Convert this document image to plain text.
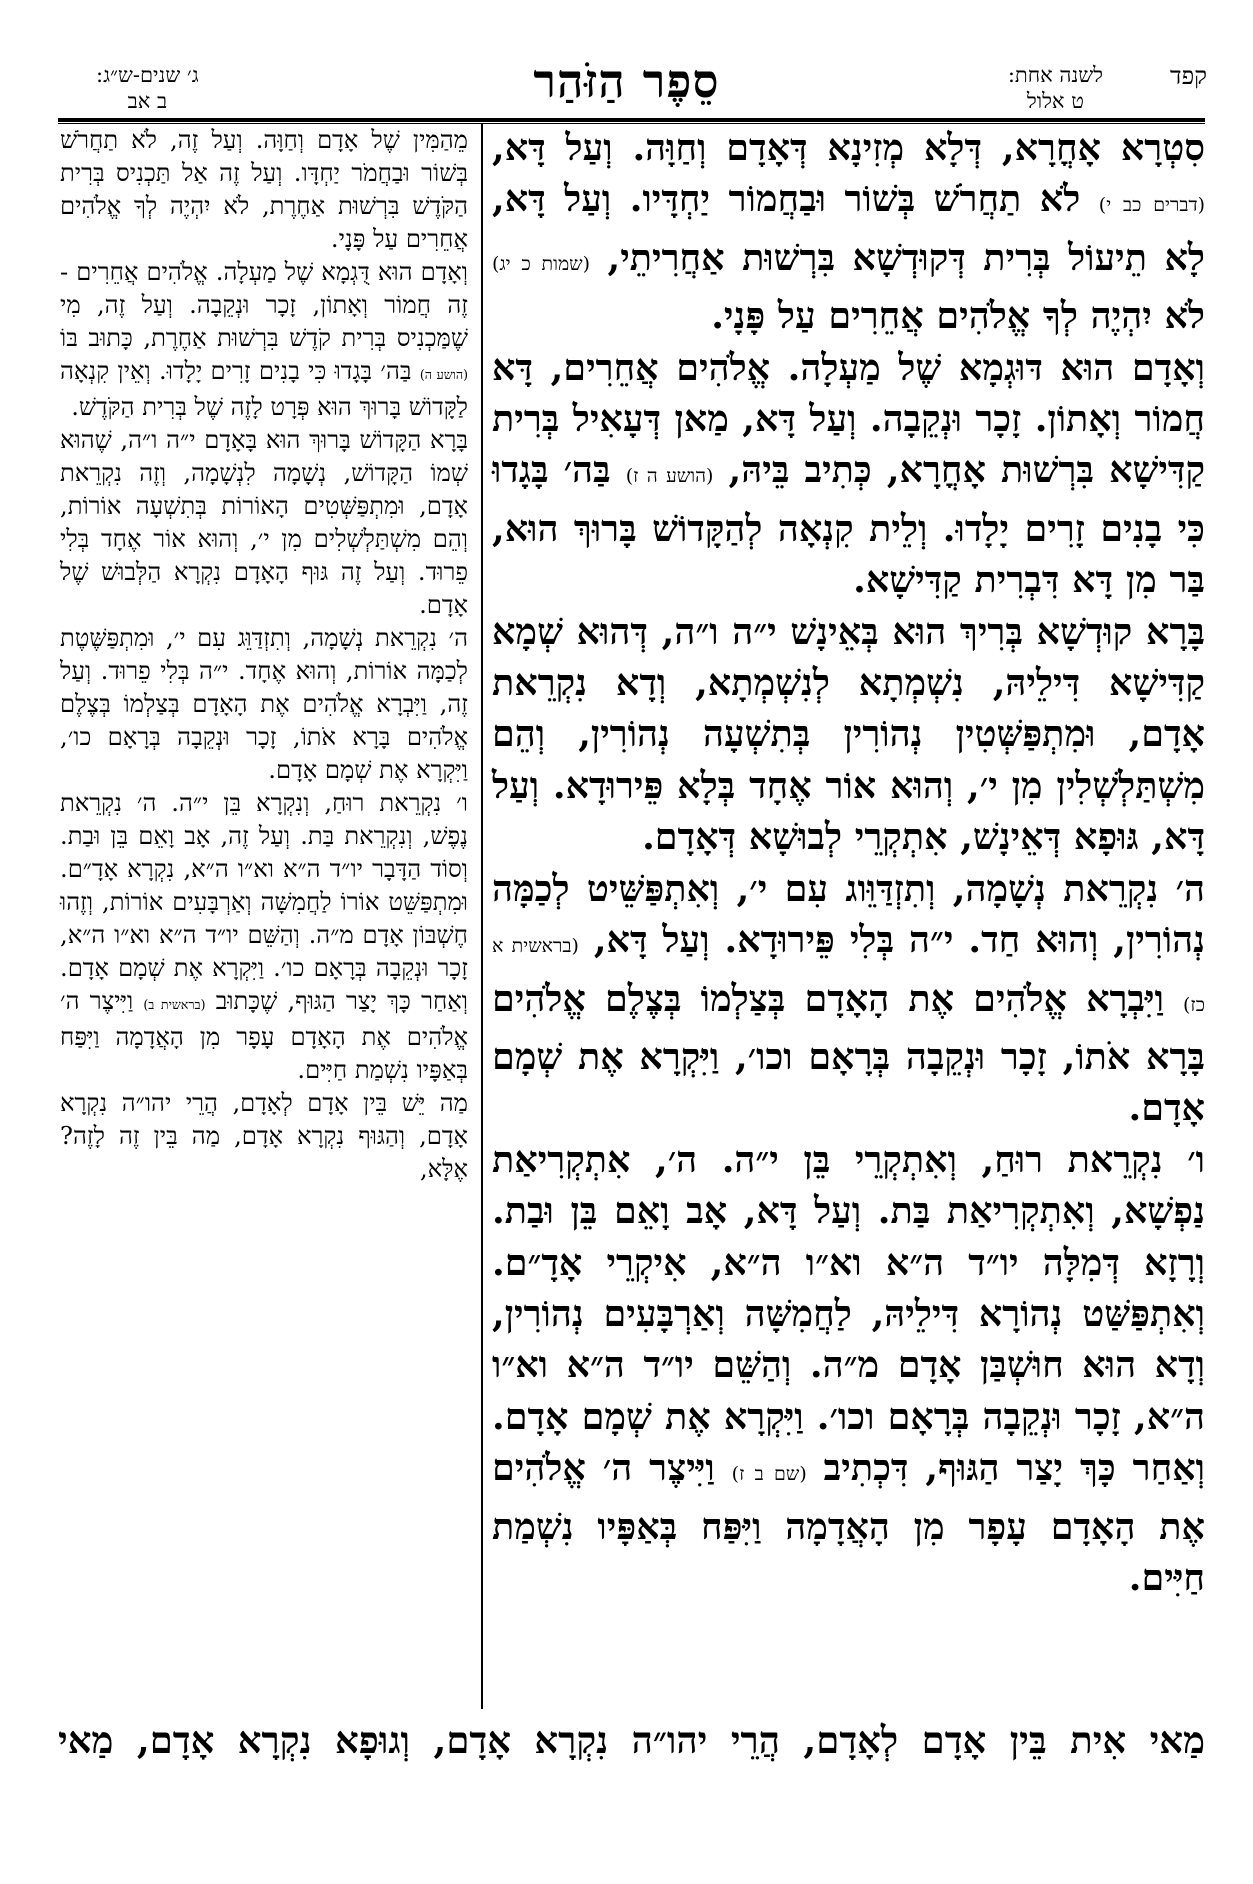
קפד
סֵפֶר הַזֹּהַר	לשנה אחת:
ט אלול
ג׳ שנים-ש״ג:
ב אב

סִטְרָא אָחֳרָא, דְּלָא מְזִינָא דְּאָדָם וְחַוָּה. וְעַל דָּא, (דברים כב י) לֹא תַחֲרֹשׁ בְּשׁוֹר וּבַחֲמוֹר יַחְדָּיו. וְעַל דָּא, לָא תֵיעוֹל בְּרִית דְּקוּדְשָׁא בִּרְשׁוּת אַחֲרִיתֵי, (שמות כ יג) לֹא יִהְיֶה לְךָ אֱלֹהִים אֲחֵרִים עַל פָּנָי.

וְאָדָם הוּא דּוּגְמָא שֶׁל מַעְלָה. אֱלֹהִים אֲחֵרִים, דָּא חֲמוֹר וְאָתוֹן. זָכָר וּנְקֵבָה. וְעַל דָּא, מַאן דְּעָאִיל בְּרִית קַדִּישָׁא בִּרְשׁוּת אָחֳרָא, כְּתִיב בֵּיהּ, (הושע ה ז) בַּה׳ בָּגָדוּ כִּי בָנִים זָרִים יָלָדוּ. וְלֵית קִנְאָה לְהַקָּדוֹשׁ בָּרוּךְ הוּא, בַּר מִן דָּא דִּבְרִית קַדִּישָׁא.

בָּרָא קוּדְשָׁא בְּרִיךְ הוּא בְּאֵינָשׁ י״ה ו״ה, דְּהוּא שְׁמָא קַדִּישָׁא דִּילֵיהּ, נִשְׁמְתָא לְנִשְׁמְתָא, וְדָא נִקְרֵאת אָדָם, וּמִתְפַּשְּׁטִין נְהוֹרִין בְּתִשְׁעָה נְהוֹרִין, וְהֵם מִשְׁתַּלְשְׁלִין מִן י׳, וְהוּא אוֹר אֶחָד בְּלָא פֵּירוּדָא. וְעַל דָּא, גּוּפָא דְּאֵינָשׁ, אִתְקְרֵי לְבוּשָׁא דְּאָדָם.

ה׳ נִקְרֵאת נְשָׁמָה, וְתִזְדַּוֵּוג עִם י׳, וְאִתְפַּשֵּׁיט לְכַמָּה נְהוֹרִין, וְהוּא חַד. י״ה בְּלִי פֵּירוּדָא. וְעַל דָּא, (בראשית א כז) וַיִּבְרָא אֱלֹהִים אֶת הָאָדָם בְּצַלְמוֹ בְּצֶלֶם אֱלֹהִים בָּרָא אֹתוֹ, זָכָר וּנְקֵבָה בְּרָאָם וכו׳, וַיִּקְרָא אֶת שְׁמָם אָדָם.

ו׳ נִקְרֵאת רוּחַ, וְאִתְקְרֵי בֵּן י״ה. ה׳, אִתְקְרִיאַת נַפְשָׁא, וְאִתְקְרִיאַת בַּת. וְעַל דָּא, אָב וָאֵם בֵּן וּבַת. וְרָזָא דְּמִלָּה יו״ד ה״א וא״ו ה״א, אִיקְרֵי אָדָ״ם. וְאִתְפַּשַּׁט נְהוֹרָא דִּילֵיהּ, לַחֲמִשָּׁה וְאַרְבָּעִים נְהוֹרִין, וְדָא הוּא חוּשְׁבַּן אָדָם מ״ה. וְהַשֵּׁם יו״ד ה״א וא״ו ה״א, זָכָר וּנְקֵבָה בְּרָאָם וכו׳. וַיִּקְרָא אֶת שְׁמָם אָדָם. וְאַחַר כָּךְ יָצַר הַגּוּף, דִּכְתִיב (שם ב ז) וַיִּיצֶר ה׳ אֱלֹהִים אֶת הָאָדָם עָפָר מִן הָאֲדָמָה וַיִּפַּח בְּאַפָּיו נִשְׁמַת חַיִּים.

מֵהַמִּין שֶׁל אָדָם וְחַוָּה. וְעַל זֶה, לֹא תַחֲרֹשׁ בְּשׁוֹר וּבַחֲמֹר יַחְדָּו. וְעַל זֶה אַל תַּכְנִיס בְּרִית הַקֹּדֶשׁ בִּרְשׁוּת אַחֶרֶת, לֹא יִהְיֶה לְךָ אֱלֹהִים אֲחֵרִים עַל פָּנָי.

וְאָדָם הוּא דֻּגְמָא שֶׁל מַעְלָה. אֱלֹהִים אֲחֵרִים - זֶה חֲמוֹר וְאָתוֹן, זָכָר וּנְקֵבָה. וְעַל זֶה, מִי שֶׁמַּכְנִיס בְּרִית קֹדֶשׁ בִּרְשׁוּת אַחֶרֶת, כָּתוּב בּוֹ (הושע ה) בַּה׳ בָּגָדוּ כִּי בָנִים זָרִים יָלָדוּ. וְאֵין קִנְאָה לַקָּדוֹשׁ בָּרוּךְ הוּא פְּרָט לָזֶה שֶׁל בְּרִית הַקֹּדֶשׁ.

בָּרָא הַקָּדוֹשׁ בָּרוּךְ הוּא בָּאָדָם י״ה ו״ה, שֶׁהוּא שְׁמוֹ הַקָּדוֹשׁ, נְשָׁמָה לִנְשָׁמָה, וְזֶה נִקְרֵאת אָדָם, וּמִתְפַּשְּׁטִים הָאוֹרוֹת בְּתִשְׁעָה אוֹרוֹת, וְהֵם מִשְׁתַּלְשְׁלִים מִן י׳, וְהוּא אוֹר אֶחָד בְּלִי פֵרוּד. וְעַל זֶה גּוּף הָאָדָם נִקְרָא הַלְּבוּשׁ שֶׁל אָדָם.

ה׳ נִקְרֵאת נְשָׁמָה, וְתִזְדַּוֵּג עִם י׳, וּמִתְפַּשֶּׁטֶת לְכַמָּה אוֹרוֹת, וְהוּא אֶחָד. י״ה בְּלִי פֵרוּד. וְעַל זֶה, וַיִּבְרָא אֱלֹהִים אֶת הָאָדָם בְּצַלְמוֹ בְּצֶלֶם אֱלֹהִים בָּרָא אֹתוֹ, זָכָר וּנְקֵבָה בְּרָאָם כו׳, וַיִּקְרָא אֶת שְׁמָם אָדָם.

ו׳ נִקְרֵאת רוּחַ, וְנִקְרָא בֵּן י״ה. ה׳ נִקְרֵאת נֶפֶשׁ, וְנִקְרֵאת בַּת. וְעַל זֶה, אָב וָאֵם בֵּן וּבַת. וְסוֹד הַדָּבָר יו״ד ה״א וא״ו ה״א, נִקְרָא אָדָ״ם. וּמִתְפַּשֵּׁט אוֹרוֹ לַחֲמִשָּׁה וְאַרְבָּעִים אוֹרוֹת, וְזֶהוּ חֶשְׁבּוֹן אָדָם מ״ה. וְהַשֵּׁם יו״ד ה״א וא״ו ה״א, זָכָר וּנְקֵבָה בְּרָאָם כו׳. וַיִּקְרָא אֶת שְׁמָם אָדָם. וְאַחַר כָּךְ יָצַר הַגּוּף, שֶׁכָּתוּב (בראשית ב) וַיִּיצֶר ה׳ אֱלֹהִים אֶת הָאָדָם עָפָר מִן הָאֲדָמָה וַיִּפַּח בְּאַפָּיו נִשְׁמַת חַיִּים.

מַה יֵּשׁ בֵּין אָדָם לְאָדָם, הֲרֵי יהו״ה נִקְרָא אָדָם, וְהַגּוּף נִקְרָא אָדָם, מַה בֵּין זֶה לָזֶה? אֶלָּא,

מַאי אִית בֵּין אָדָם לְאָדָם, הֲרֵי יהו״ה נִקְרָא אָדָם, וְגוּפָא נִקְרָא אָדָם, מַאי
